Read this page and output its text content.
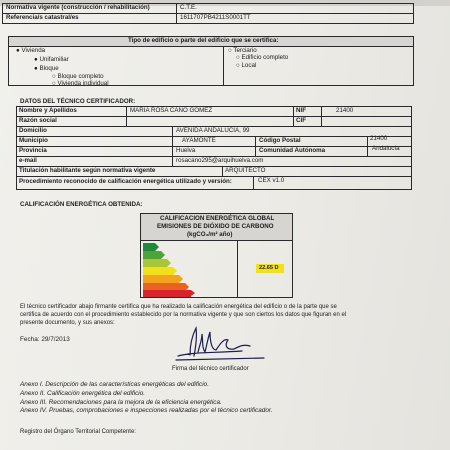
Normativa vigente (construcción / rehabilitación)	C.T.E.
Referencia/s catastral/es	1611707PB4211S0001TT
Tipo de edificio o parte del edificio que se certifica:
● Vivienda
● Unifamiliar
● Bloque
○ Bloque completo
○ Vivienda individual
○ Terciario
○ Edificio completo
○ Local
DATOS DEL TÉCNICO CERTIFICADOR:
Nombre y Apellidos	MARIA ROSA CANO GOMEZ	NIF	21400
Razón social	CIF
Domicilio	AVENIDA ANDALUCIA, 99
Municipio	AYAMONTE	Código Postal	21400
Provincia	Huelva	Comunidad Autónoma	Andalucía
e-mail	rosacano295@arquihuelva.com
Titulación habilitante según normativa vigente	ARQUITECTO
Procedimiento reconocido de calificación energética utilizado y versión:	CEX v1.0
CALIFICACIÓN ENERGÉTICA OBTENIDA:
CALIFICACION ENERGÉTICA GLOBAL
EMISIONES DE DIÓXIDO DE CARBONO
(kgCO₂/m² año)
22.65 D
El técnico certificador abajo firmante certifica que ha realizado la calificación energética del edificio o de la parte que se
certifica de acuerdo con el procedimiento establecido por la normativa vigente y que son ciertos los datos que figuran en el
presente documento, y sus anexos:
Fecha: 29/7/2013
Firma del técnico certificador
Anexo I. Descripción de las características energéticas del edificio.
Anexo II. Calificación energética del edificio.
Anexo III. Recomendaciones para la mejora de la eficiencia energética.
Anexo IV. Pruebas, comprobaciones e inspecciones realizadas por el técnico certificador.
Registro del Órgano Territorial Competente:
